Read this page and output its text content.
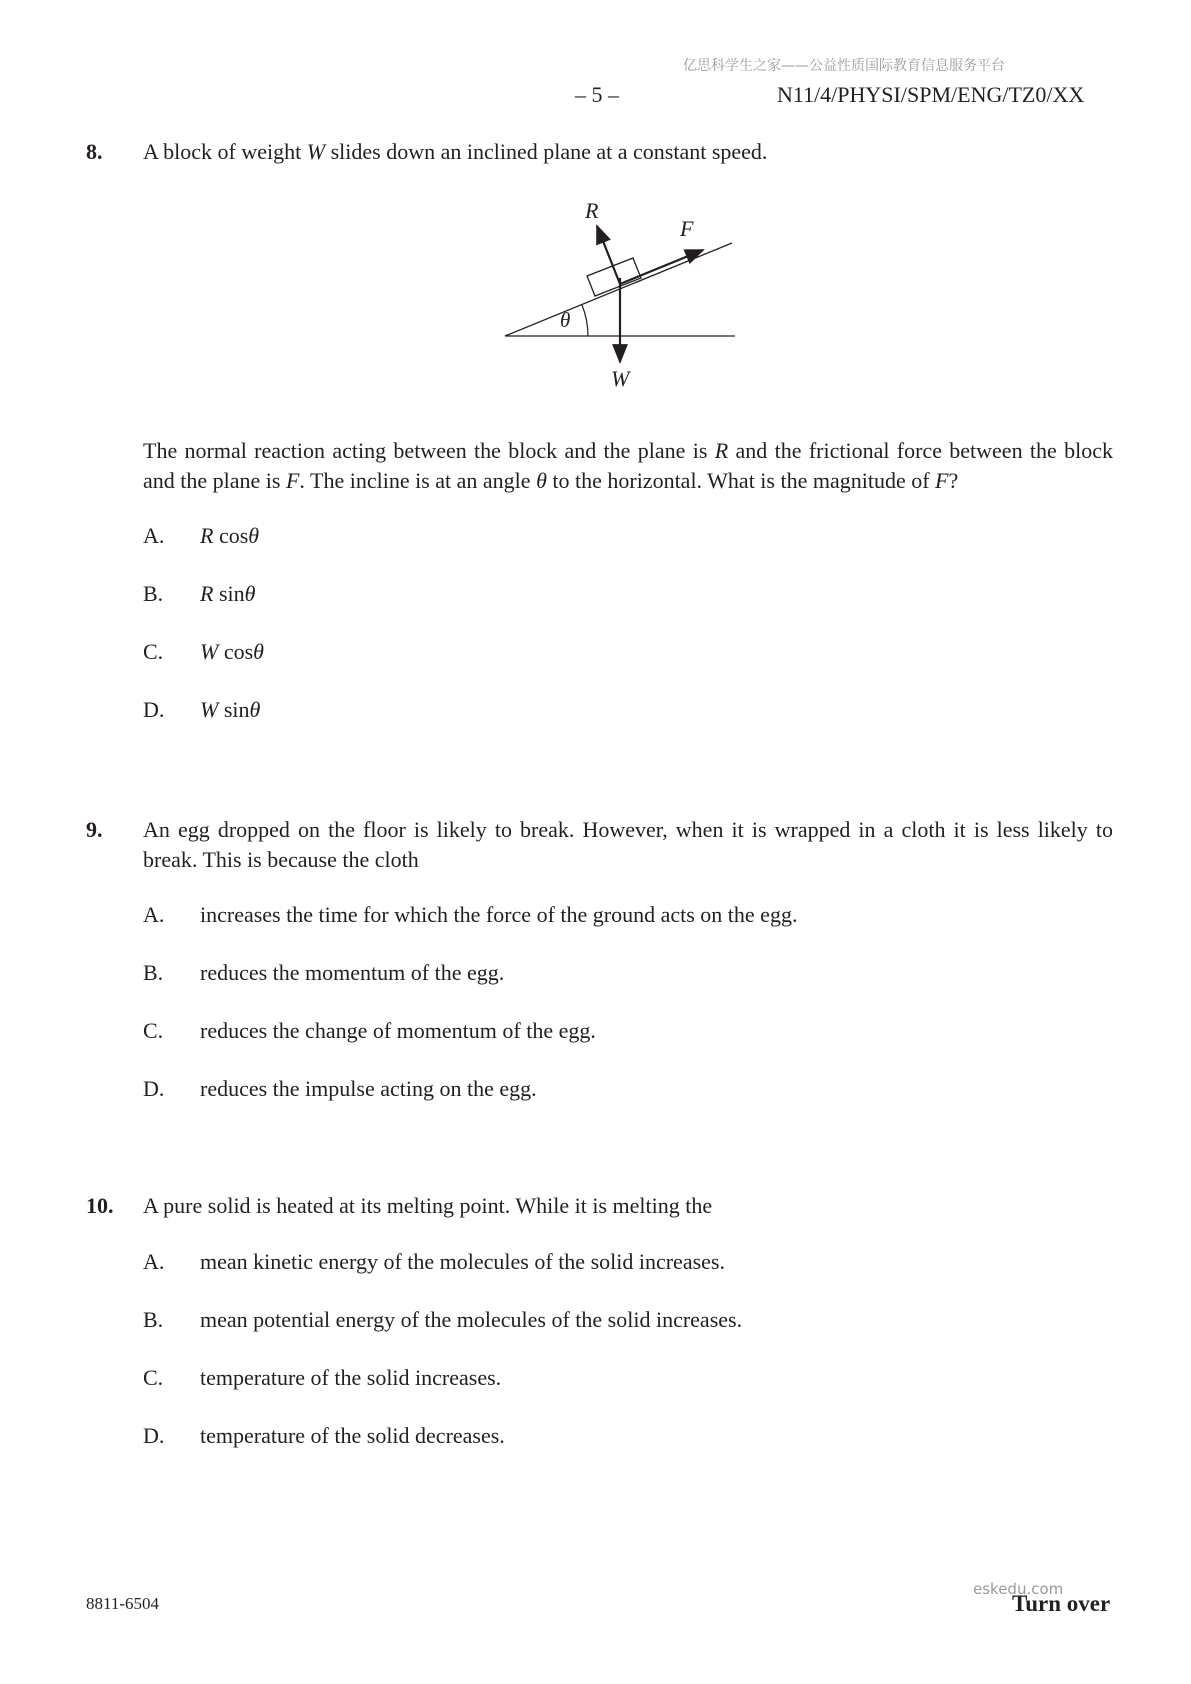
亿思科学生之家——公益性质国际教育信息服务平台
– 5 –	N11/4/PHYSI/SPM/ENG/TZ0/XX
8. A block of weight W slides down an inclined plane at a constant speed.
R
F
W
θ
The normal reaction acting between the block and the plane is R and the frictional force between the block and the plane is F. The incline is at an angle θ to the horizontal. What is the magnitude of F?
A. R cosθ
B. R sinθ
C. W cosθ
D. W sinθ
9. An egg dropped on the floor is likely to break. However, when it is wrapped in a cloth it is less likely to break. This is because the cloth
A. increases the time for which the force of the ground acts on the egg.
B. reduces the momentum of the egg.
C. reduces the change of momentum of the egg.
D. reduces the impulse acting on the egg.
10. A pure solid is heated at its melting point. While it is melting the
A. mean kinetic energy of the molecules of the solid increases.
B. mean potential energy of the molecules of the solid increases.
C. temperature of the solid increases.
D. temperature of the solid decreases.
8811-6504
eskedu.com
Turn over
